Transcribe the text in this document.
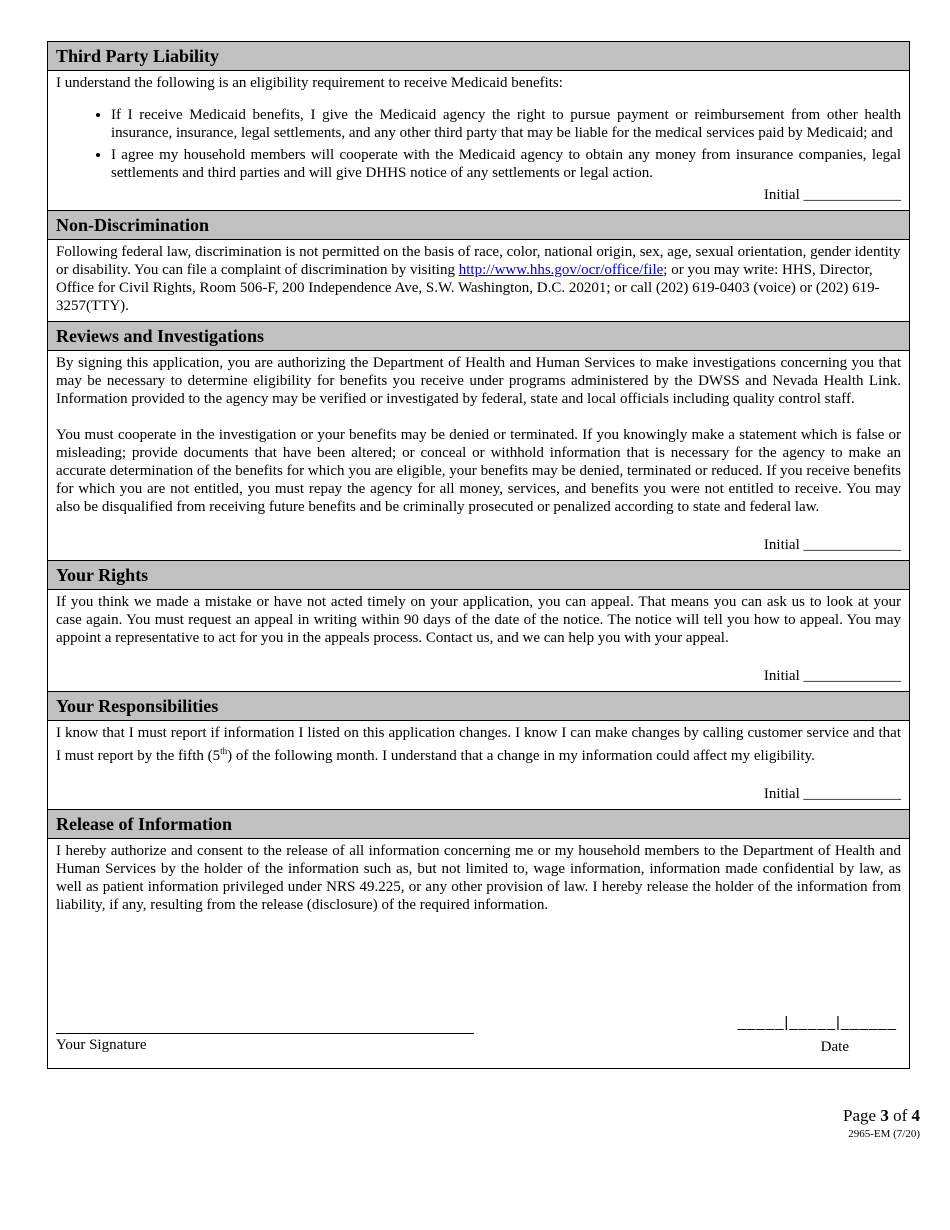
Third Party Liability

I understand the following is an eligibility requirement to receive Medicaid benefits:

• If I receive Medicaid benefits, I give the Medicaid agency the right to pursue payment or reimbursement from other health insurance, insurance, legal settlements, and any other third party that may be liable for the medical services paid by Medicaid; and
• I agree my household members will cooperate with the Medicaid agency to obtain any money from insurance companies, legal settlements and third parties and will give DHHS notice of any settlements or legal action.
Initial _____________
Non-Discrimination

Following federal law, discrimination is not permitted on the basis of race, color, national origin, sex, age, sexual orientation, gender identity or disability. You can file a complaint of discrimination by visiting http://www.hhs.gov/ocr/office/file; or you may write: HHS, Director, Office for Civil Rights, Room 506-F, 200 Independence Ave, S.W. Washington, D.C. 20201; or call (202) 619-0403 (voice) or (202) 619-3257(TTY).

Reviews and Investigations

By signing this application, you are authorizing the Department of Health and Human Services to make investigations concerning you that may be necessary to determine eligibility for benefits you receive under programs administered by the DWSS and Nevada Health Link. Information provided to the agency may be verified or investigated by federal, state and local officials including quality control staff.

You must cooperate in the investigation or your benefits may be denied or terminated. If you knowingly make a statement which is false or misleading; provide documents that have been altered; or conceal or withhold information that is necessary for the agency to make an accurate determination of the benefits for which you are eligible, your benefits may be denied, terminated or reduced. If you receive benefits for which you are not entitled, you must repay the agency for all money, services, and benefits you were not entitled to receive. You may also be disqualified from receiving future benefits and be criminally prosecuted or penalized according to state and federal law.

Initial _____________
Your Rights

If you think we made a mistake or have not acted timely on your application, you can appeal. That means you can ask us to look at your case again. You must request an appeal in writing within 90 days of the date of the notice. The notice will tell you how to appeal. You may appoint a representative to act for you in the appeals process. Contact us, and we can help you with your appeal.

Initial _____________
Your Responsibilities

I know that I must report if information I listed on this application changes. I know I can make changes by calling customer service and that I must report by the fifth (5th) of the following month. I understand that a change in my information could affect my eligibility.

Initial _____________
Release of Information

I hereby authorize and consent to the release of all information concerning me or my household members to the Department of Health and Human Services by the holder of the information such as, but not limited to, wage information, information made confidential by law, as well as patient information privileged under NRS 49.225, or any other provision of law. I hereby release the holder of the information from liability, if any, resulting from the release (disclosure) of the required information.

Your Signature
_____|_____|______
Date
Page 3 of 4
2965-EM (7/20)
